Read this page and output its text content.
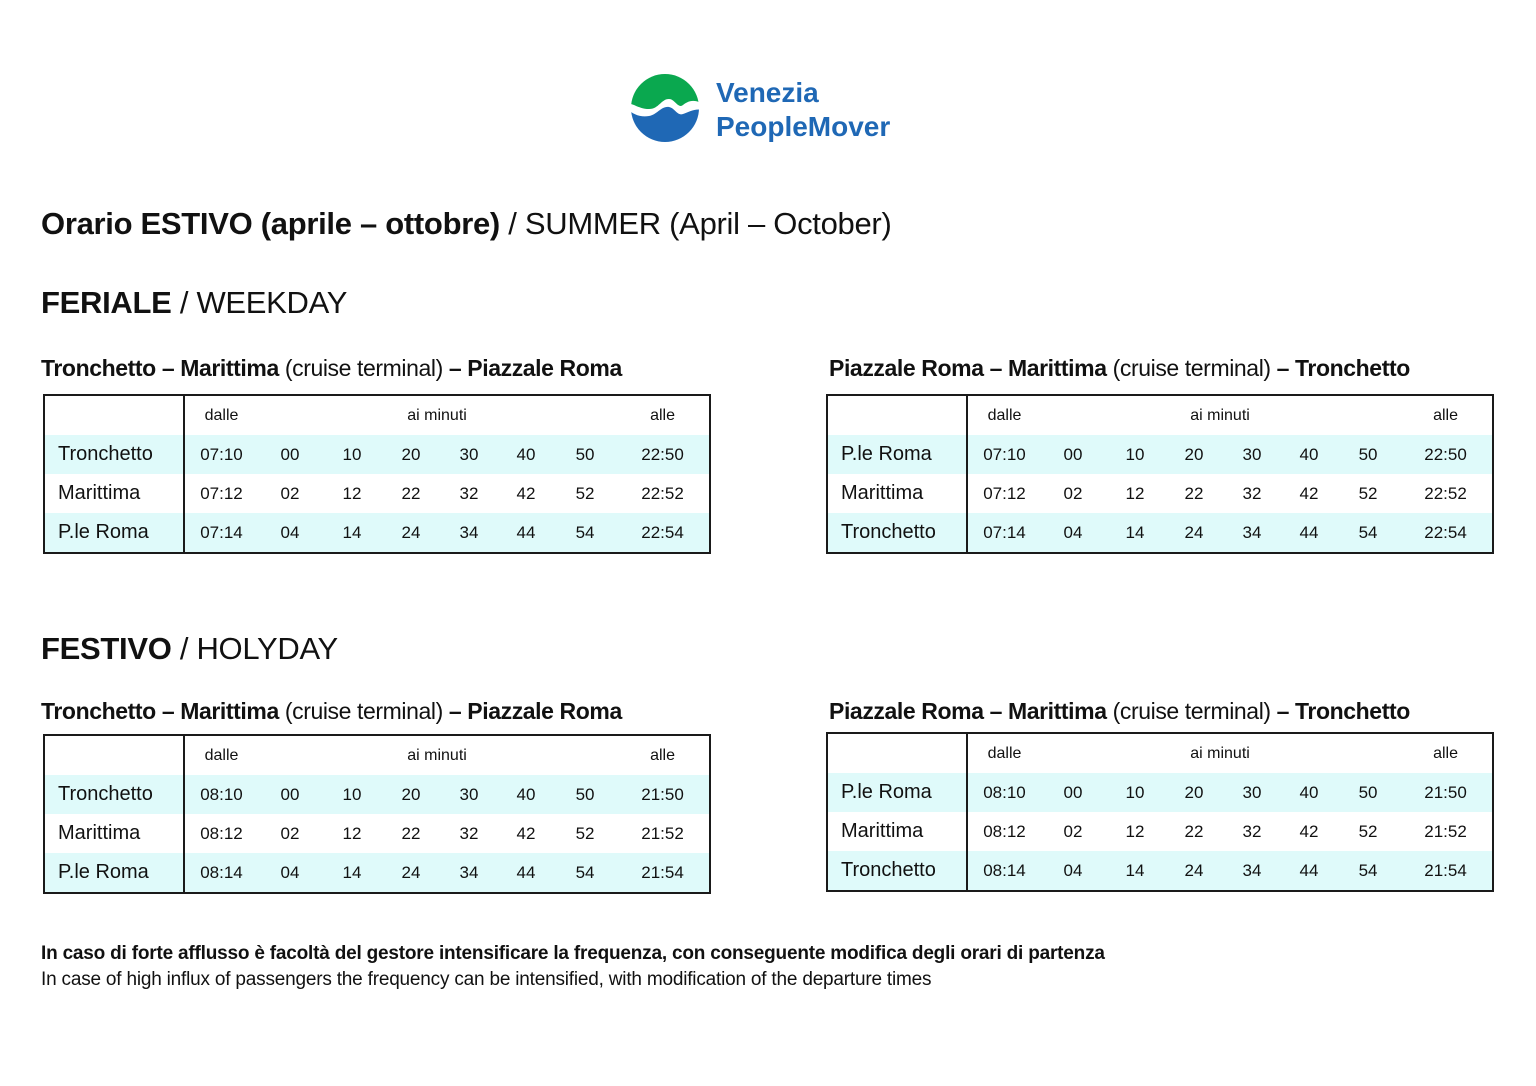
Venezia
PeopleMover
Orario ESTIVO (aprile – ottobre) / SUMMER (April – October)
FERIALE / WEEKDAY
Tronchetto – Marittima (cruise terminal) – Piazzale Roma
	dalle	ai minuti						alle
Tronchetto	07:10	00	10	20	30	40	50	22:50
Marittima	07:12	02	12	22	32	42	52	22:52
P.le Roma	07:14	04	14	24	34	44	54	22:54
Piazzale Roma – Marittima (cruise terminal) – Tronchetto
	dalle	ai minuti						alle
P.le Roma	07:10	00	10	20	30	40	50	22:50
Marittima	07:12	02	12	22	32	42	52	22:52
Tronchetto	07:14	04	14	24	34	44	54	22:54
FESTIVO / HOLYDAY
Tronchetto – Marittima (cruise terminal) – Piazzale Roma
	dalle	ai minuti						alle
Tronchetto	08:10	00	10	20	30	40	50	21:50
Marittima	08:12	02	12	22	32	42	52	21:52
P.le Roma	08:14	04	14	24	34	44	54	21:54
Piazzale Roma – Marittima (cruise terminal) – Tronchetto
	dalle	ai minuti						alle
P.le Roma	08:10	00	10	20	30	40	50	21:50
Marittima	08:12	02	12	22	32	42	52	21:52
Tronchetto	08:14	04	14	24	34	44	54	21:54
In caso di forte afflusso è facoltà del gestore intensificare la frequenza, con conseguente modifica degli orari di partenza
In case of high influx of passengers the frequency can be intensified, with modification of the departure times
